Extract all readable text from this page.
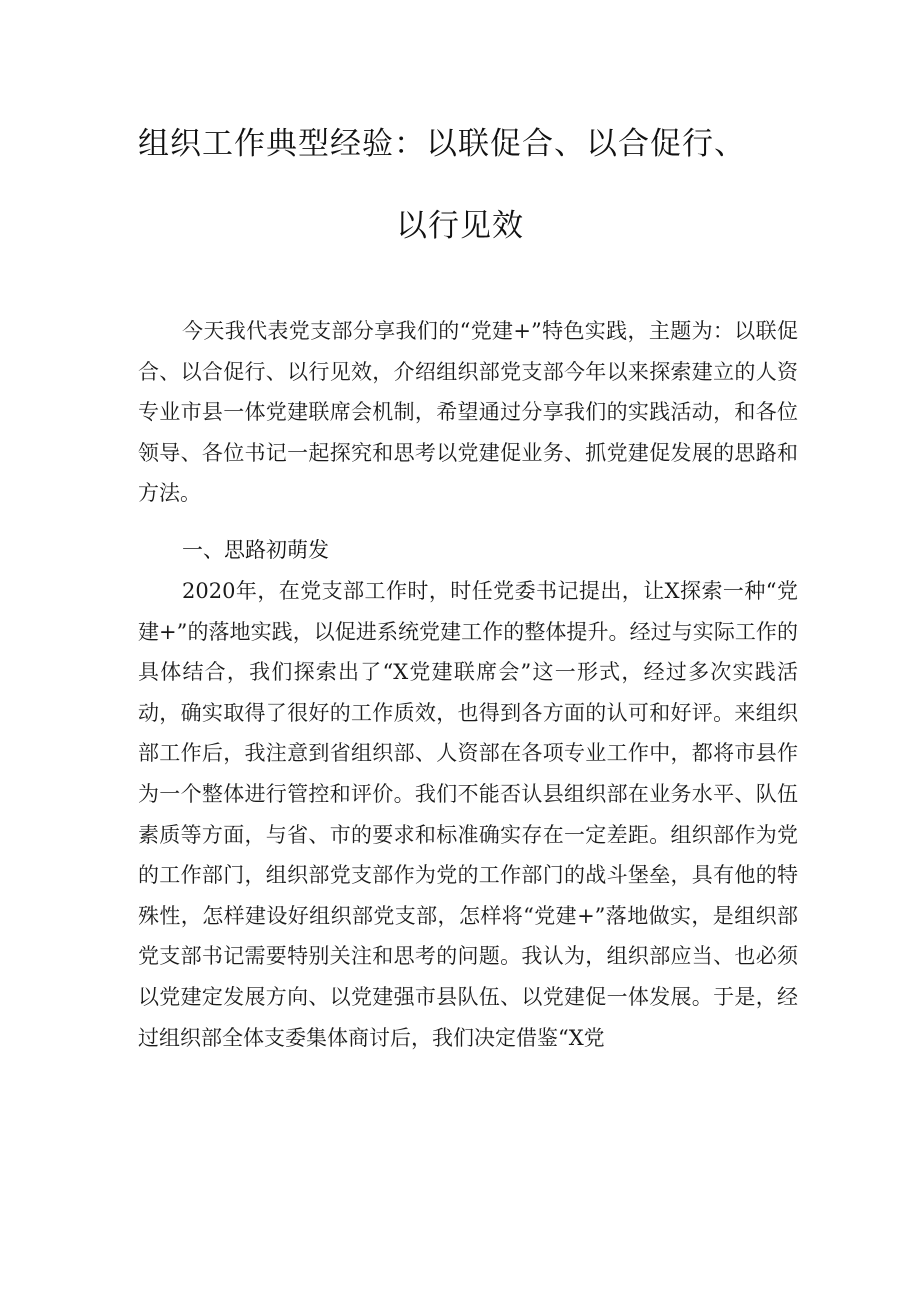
组织工作典型经验：以联促合、以合促行、
以行见效

今天我代表党支部分享我们的“党建+”特色实践，主题为：以联促合、以合促行、以行见效，介绍组织部党支部今年以来探索建立的人资专业市县一体党建联席会机制，希望通过分享我们的实践活动，和各位领导、各位书记一起探究和思考以党建促业务、抓党建促发展的思路和方法。

一、思路初萌发

2020年，在党支部工作时，时任党委书记提出，让X探索一种“党建+”的落地实践，以促进系统党建工作的整体提升。经过与实际工作的具体结合，我们探索出了“X党建联席会”这一形式，经过多次实践活动，确实取得了很好的工作质效，也得到各方面的认可和好评。来组织部工作后，我注意到省组织部、人资部在各项专业工作中，都将市县作为一个整体进行管控和评价。我们不能否认县组织部在业务水平、队伍素质等方面，与省、市的要求和标准确实存在一定差距。组织部作为党的工作部门，组织部党支部作为党的工作部门的战斗堡垒，具有他的特殊性，怎样建设好组织部党支部，怎样将“党建+”落地做实，是组织部党支部书记需要特别关注和思考的问题。我认为，组织部应当、也必须以党建定发展方向、以党建强市县队伍、以党建促一体发展。于是，经过组织部全体支委集体商讨后，我们决定借鉴“X党
